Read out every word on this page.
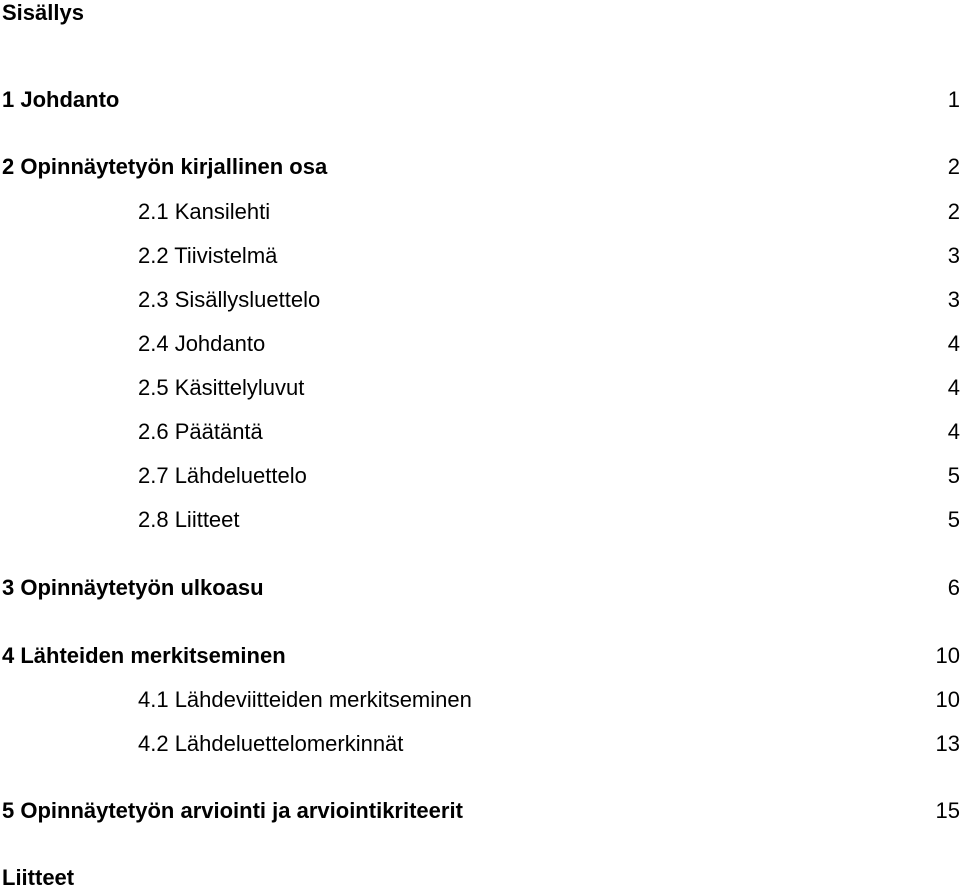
Sisällys
1 Johdanto	1
2 Opinnäytetyön kirjallinen osa	2
2.1 Kansilehti	2
2.2 Tiivistelmä	3
2.3 Sisällysluettelo	3
2.4 Johdanto	4
2.5 Käsittelyluvut	4
2.6 Päätäntä	4
2.7 Lähdeluettelo	5
2.8 Liitteet	5
3 Opinnäytetyön ulkoasu	6
4 Lähteiden merkitseminen	10
4.1 Lähdeviitteiden merkitseminen	10
4.2 Lähdeluettelomerkinnät	13
5 Opinnäytetyön arviointi ja arviointikriteerit	15
Liitteet
